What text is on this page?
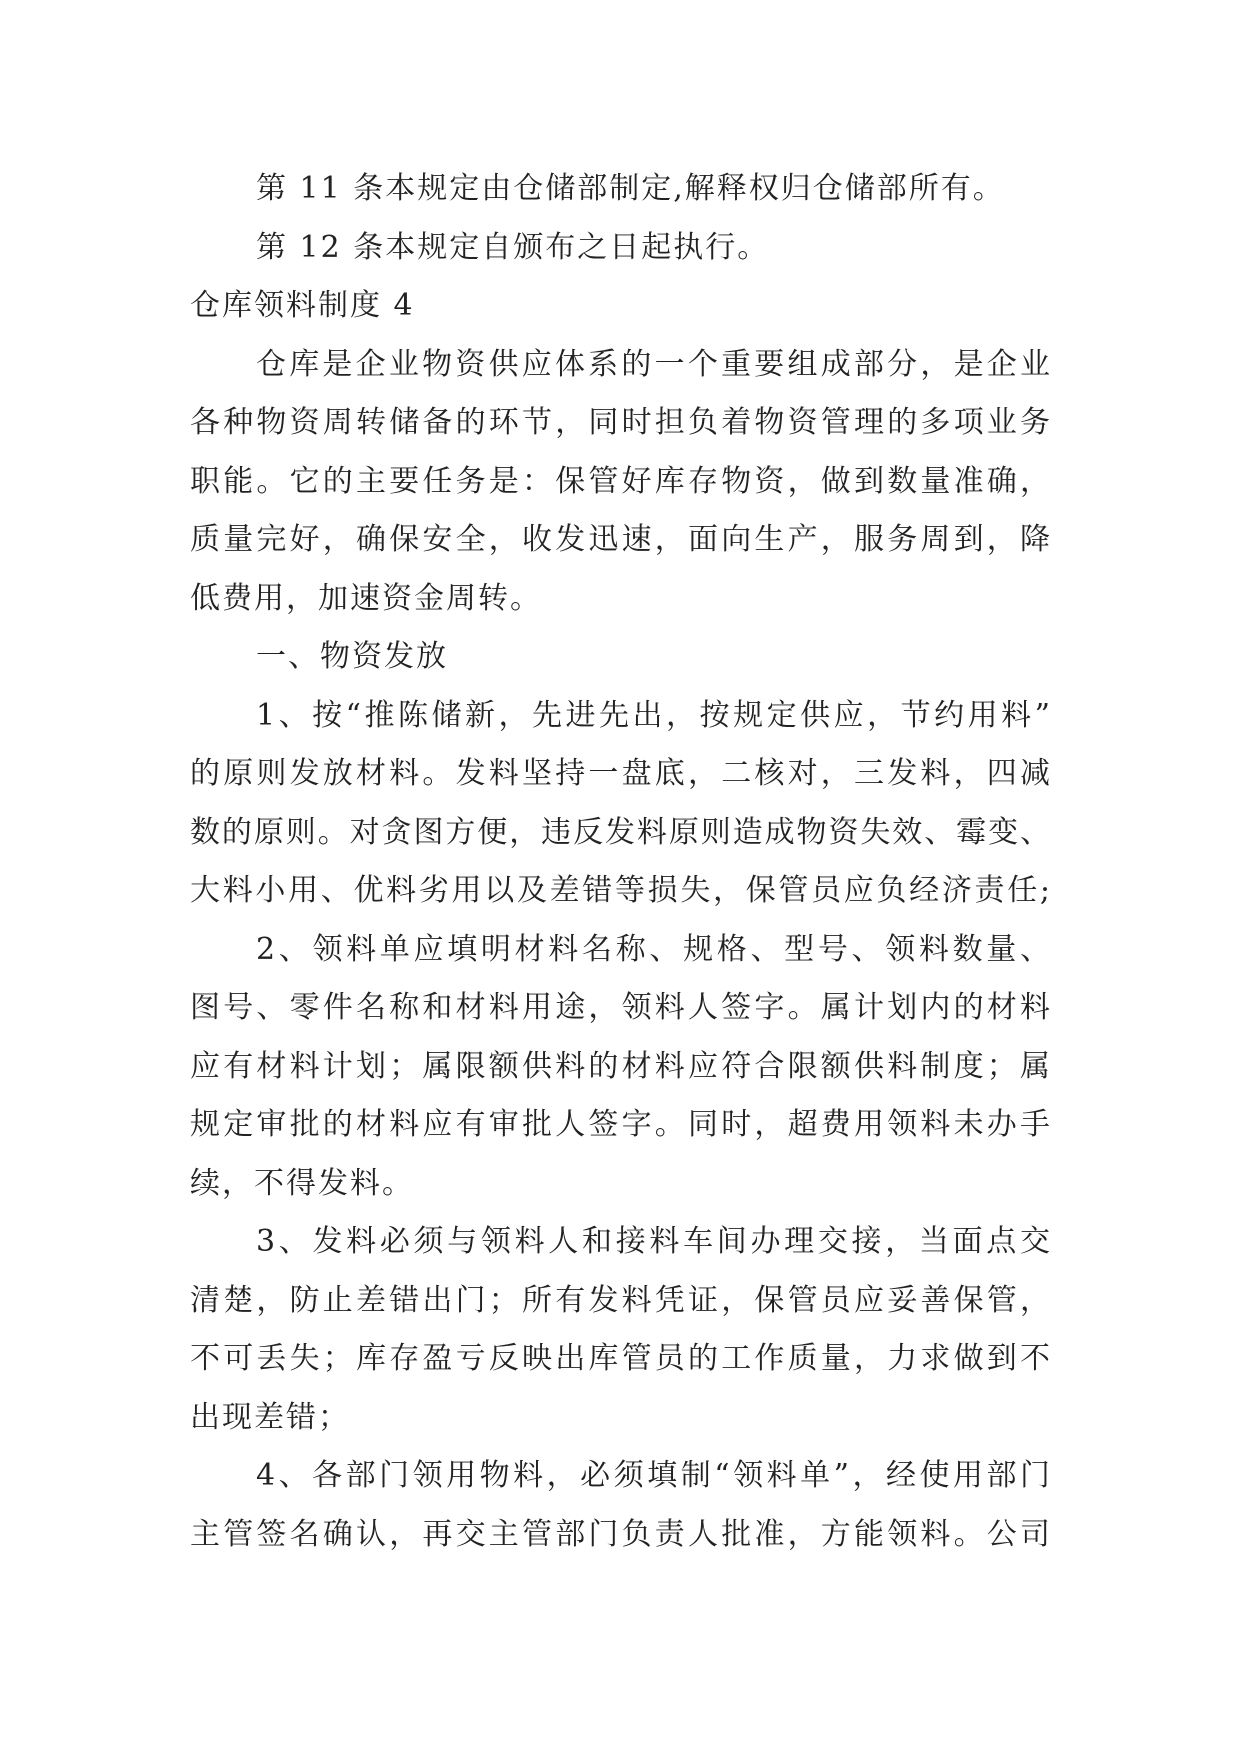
第 11 条本规定由仓储部制定,解释权归仓储部所有。
第 12 条本规定自颁布之日起执行。
仓库领料制度 4
仓库是企业物资供应体系的一个重要组成部分，是企业
各种物资周转储备的环节，同时担负着物资管理的多项业务
职能。它的主要任务是：保管好库存物资，做到数量准确，
质量完好，确保安全，收发迅速，面向生产，服务周到，降
低费用，加速资金周转。
一、物资发放
1、按“推陈储新，先进先出，按规定供应，节约用料”
的原则发放材料。发料坚持一盘底，二核对，三发料，四减
数的原则。对贪图方便，违反发料原则造成物资失效、霉变、
大料小用、优料劣用以及差错等损失，保管员应负经济责任;
2、领料单应填明材料名称、规格、型号、领料数量、
图号、零件名称和材料用途，领料人签字。属计划内的材料
应有材料计划；属限额供料的材料应符合限额供料制度；属
规定审批的材料应有审批人签字。同时，超费用领料未办手
续，不得发料。
3、发料必须与领料人和接料车间办理交接，当面点交
清楚，防止差错出门；所有发料凭证，保管员应妥善保管，
不可丢失；库存盈亏反映出库管员的工作质量，力求做到不
出现差错；
4、各部门领用物料，必须填制“领料单”，经使用部门
主管签名确认，再交主管部门负责人批准，方能领料。公司
